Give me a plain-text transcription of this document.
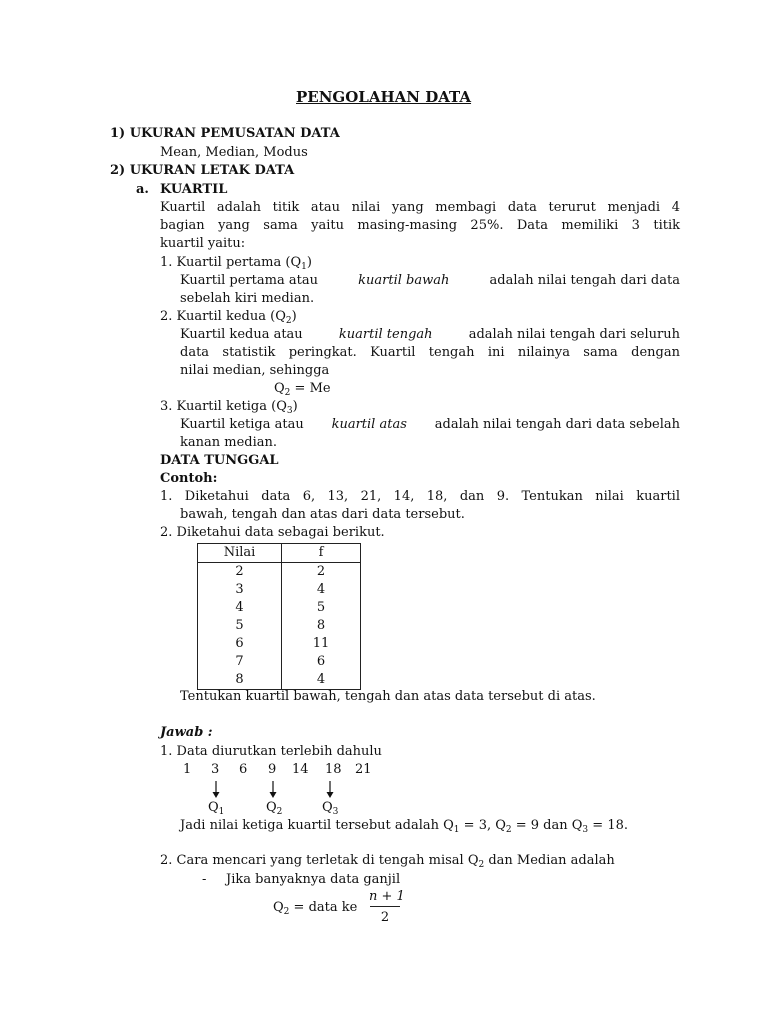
PENGOLAHAN DATA
1) UKURAN PEMUSATAN DATA
Mean, Median, Modus
2) UKURAN LETAK DATA
a. KUARTIL
Kuartil adalah titik atau nilai yang membagi data terurut menjadi 4
bagian yang sama yaitu masing-masing 25%. Data memiliki 3 titik
kuartil yaitu:
1. Kuartil pertama $(Q_1)$
Kuartil pertama atau	kuartil bawah	adalah nilai tengah dari data
sebelah kiri median.
2. Kuartil kedua $(Q_2)$
Kuartil kedua atau	kuartil tengah	adalah nilai tengah dari seluruh
data statistik peringkat. Kuartil tengah ini nilainya sama dengan
nilai median, sehingga
$Q_2 = Me$
3. Kuartil ketiga $(Q_3)$
Kuartil ketiga atau kuartil atas adalah nilai tengah dari data sebelah
kanan median.
DATA TUNGGAL
Contoh:
1. Diketahui data 6, 13, 21, 14, 18, dan 9. Tentukan nilai kuartil
bawah, tengah dan atas dari data tersebut.
2. Diketahui data sebagai berikut.
Nilai	f
2	2
3	4
4	5
5	8
6	11
7	6
8	4
Tentukan kuartil bawah, tengah dan atas data tersebut di atas.
Jawab :
1. Data diurutkan terlebih dahulu
1 3 6 9 14 18 21
$Q_1$	$Q_2$	$Q_3$
Jadi nilai ketiga kuartil tersebut adalah $Q_1 = 3$, $Q_2 = 9$ dan $Q_3 = 18$.
2. Cara mencari yang terletak di tengah misal $Q_2$ dan Median adalah
- Jika banyaknya data ganjil
$Q_2$ = data ke
n + 1
2
